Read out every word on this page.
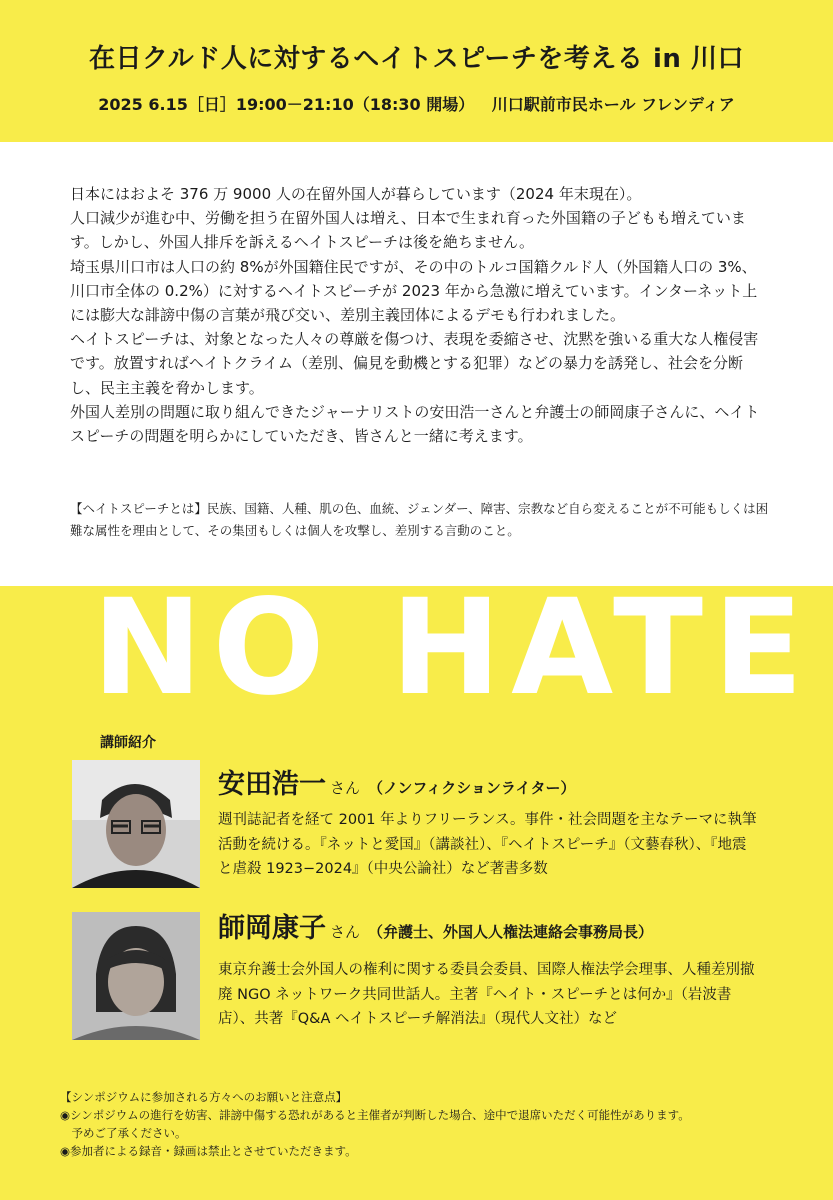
在日クルド人に対するヘイトスピーチを考える in 川口
2025 6.15［日］19:00－21:10（18:30 開場） 川口駅前市民ホール フレンディア

日本にはおよそ 376 万 9000 人の在留外国人が暮らしています（2024 年末現在）。

人口減少が進む中、労働を担う在留外国人は増え、日本で生まれ育った外国籍の子どもも増えています。しかし、外国人排斥を訴えるヘイトスピーチは後を絶ちません。

埼玉県川口市は人口の約 8%が外国籍住民ですが、その中のトルコ国籍クルド人（外国籍人口の 3%、川口市全体の 0.2%）に対するヘイトスピーチが 2023 年から急激に増えています。インターネット上には膨大な誹謗中傷の言葉が飛び交い、差別主義団体によるデモも行われました。

ヘイトスピーチは、対象となった人々の尊厳を傷つけ、表現を委縮させ、沈黙を強いる重大な人権侵害です。放置すればヘイトクライム（差別、偏見を動機とする犯罪）などの暴力を誘発し、社会を分断し、民主主義を脅かします。

外国人差別の問題に取り組んできたジャーナリストの安田浩一さんと弁護士の師岡康子さんに、ヘイトスピーチの問題を明らかにしていただき、皆さんと一緒に考えます。

【ヘイトスピーチとは】民族、国籍、人種、肌の色、血統、ジェンダー、障害、宗教など自ら変えることが不可能もしくは困難な属性を理由として、その集団もしくは個人を攻撃し、差別する言動のこと。
NO HATE
講師紹介
安田浩一 さん （ノンフィクションライター）
週刊誌記者を経て 2001 年よりフリーランス。事件・社会問題を主なテーマに執筆活動を続ける。『ネットと愛国』（講談社）、『ヘイトスピーチ』（文藝春秋）、『地震と虐殺 1923−2024』（中央公論社）など著書多数
師岡康子 さん （弁護士、外国人人権法連絡会事務局長）
東京弁護士会外国人の権利に関する委員会委員、国際人権法学会理事、人種差別撤廃 NGO ネットワーク共同世話人。主著『ヘイト・スピーチとは何か』（岩波書店）、共著『Q&A ヘイトスピーチ解消法』（現代人文社）など
【シンポジウムに参加される方々へのお願いと注意点】
◉シンポジウムの進行を妨害、誹謗中傷する恐れがあると主催者が判断した場合、途中で退席いただく可能性があります。
　予めご了承ください。
◉参加者による録音・録画は禁止とさせていただきます。
